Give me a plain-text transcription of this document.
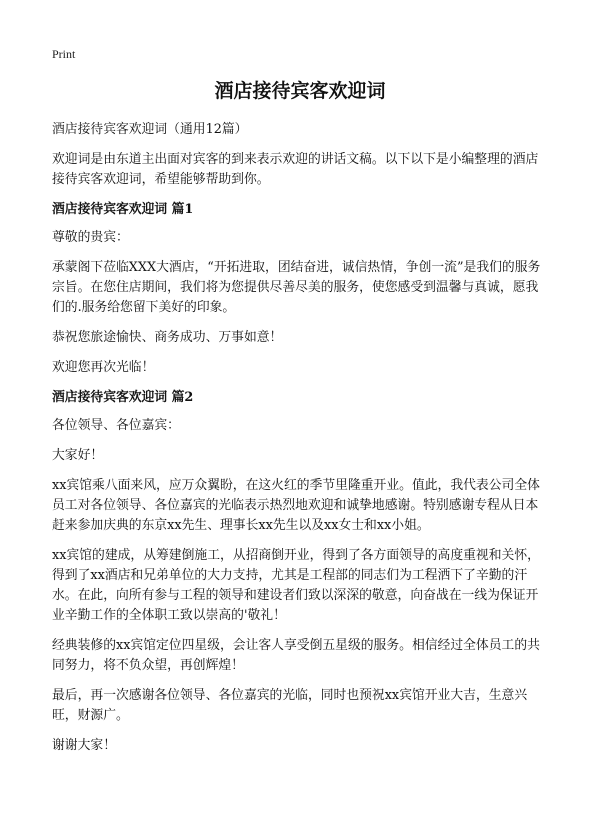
Print
酒店接待宾客欢迎词

酒店接待宾客欢迎词（通用12篇）

欢迎词是由东道主出面对宾客的到来表示欢迎的讲话文稿。以下以下是小编整理的酒店接待宾客欢迎词，希望能够帮助到你。

酒店接待宾客欢迎词 篇1

尊敬的贵宾：

承蒙阁下莅临XXX大酒店，“开拓进取，团结奋进，诚信热情，争创一流”是我们的服务宗旨。在您住店期间，我们将为您提供尽善尽美的服务，使您感受到温馨与真诚，愿我们的.服务给您留下美好的印象。

恭祝您旅途愉快、商务成功、万事如意！

欢迎您再次光临！

酒店接待宾客欢迎词 篇2

各位领导、各位嘉宾：

大家好！

xx宾馆乘八面来风，应万众翼盼，在这火红的季节里隆重开业。值此，我代表公司全体员工对各位领导、各位嘉宾的光临表示热烈地欢迎和诚挚地感谢。特别感谢专程从日本赶来参加庆典的东京xx先生、理事长xx先生以及xx女士和xx小姐。

xx宾馆的建成，从筹建倒施工，从招商倒开业，得到了各方面领导的高度重视和关怀，得到了xx酒店和兄弟单位的大力支持，尤其是工程部的同志们为工程洒下了辛勤的汗水。在此，向所有参与工程的领导和建设者们致以深深的敬意，向奋战在一线为保证开业辛勤工作的全体职工致以崇高的'敬礼！

经典装修的xx宾馆定位四星级，会让客人享受倒五星级的服务。相信经过全体员工的共同努力，将不负众望，再创辉煌！

最后，再一次感谢各位领导、各位嘉宾的光临，同时也预祝xx宾馆开业大吉，生意兴旺，财源广。

谢谢大家！
